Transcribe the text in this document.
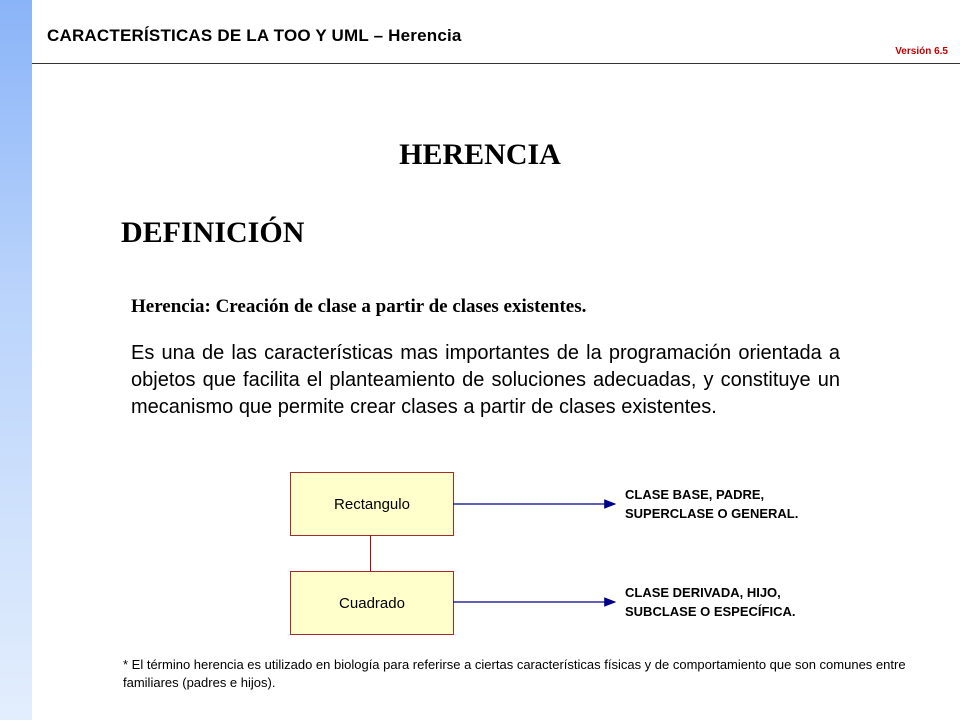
CARACTERÍSTICAS DE LA TOO Y UML – Herencia
Versión 6.5
HERENCIA
DEFINICIÓN
Herencia: Creación de clase a partir de clases existentes.
Es una de las características mas importantes de la programación orientada a objetos que facilita el planteamiento de soluciones adecuadas, y constituye un mecanismo que permite crear clases a partir de clases existentes.
Rectangulo
Cuadrado
CLASE BASE, PADRE,
SUPERCLASE O GENERAL.
CLASE DERIVADA, HIJO,
SUBCLASE O ESPECÍFICA.
* El término herencia es utilizado en biología para referirse a ciertas características físicas y de comportamiento que son comunes entre familiares (padres e hijos).
